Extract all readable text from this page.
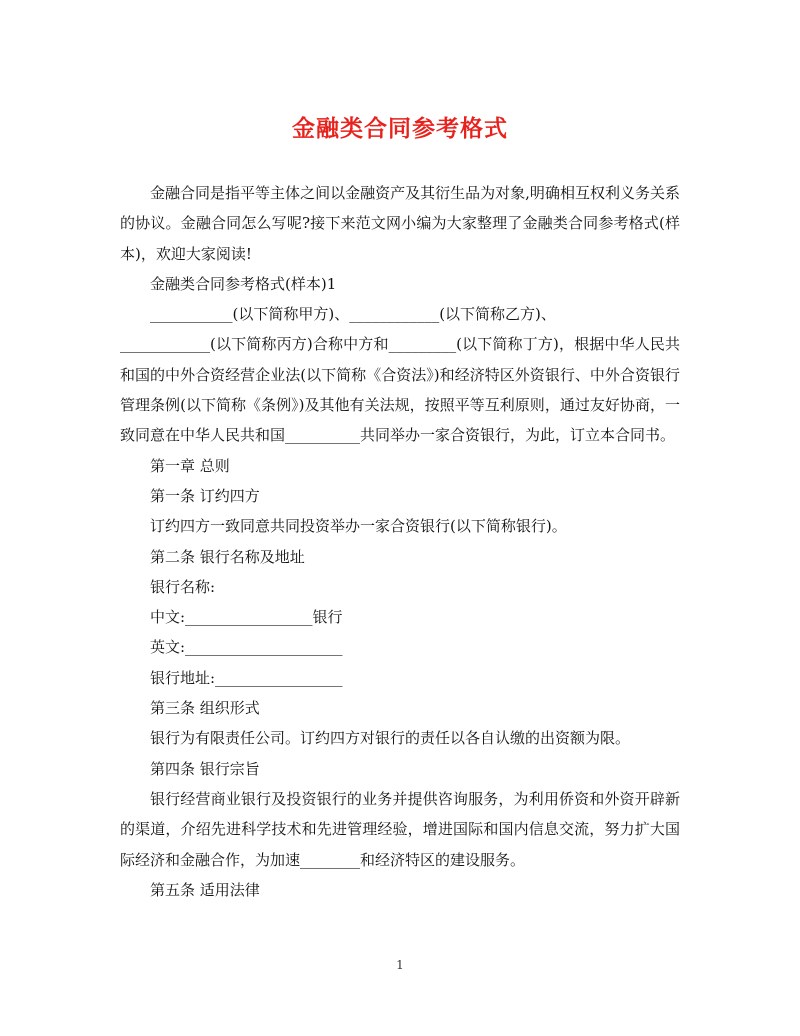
金融类合同参考格式

金融合同是指平等主体之间以金融资产及其衍生品为对象,明确相互权利义务关系的协议。金融合同怎么写呢?接下来范文网小编为大家整理了金融类合同参考格式(样本)，欢迎大家阅读!

金融类合同参考格式(样本)1

___________(以下简称甲方)、____________(以下简称乙方)、

____________(以下简称丙方)合称中方和_________(以下简称丁方)，根据中华人民共和国的中外合资经营企业法(以下简称《合资法》)和经济特区外资银行、中外合资银行管理条例(以下简称《条例》)及其他有关法规，按照平等互利原则，通过友好协商，一致同意在中华人民共和国__________共同举办一家合资银行，为此，订立本合同书。

第一章 总则

第一条 订约四方

订约四方一致同意共同投资举办一家合资银行(以下简称银行)。

第二条 银行名称及地址

银行名称:

中文:_________________银行

英文:_____________________

银行地址:_________________

第三条 组织形式

银行为有限责任公司。订约四方对银行的责任以各自认缴的出资额为限。

第四条 银行宗旨

银行经营商业银行及投资银行的业务并提供咨询服务，为利用侨资和外资开辟新的渠道，介绍先进科学技术和先进管理经验，增进国际和国内信息交流，努力扩大国际经济和金融合作，为加速________和经济特区的建设服务。

第五条 适用法律

1
